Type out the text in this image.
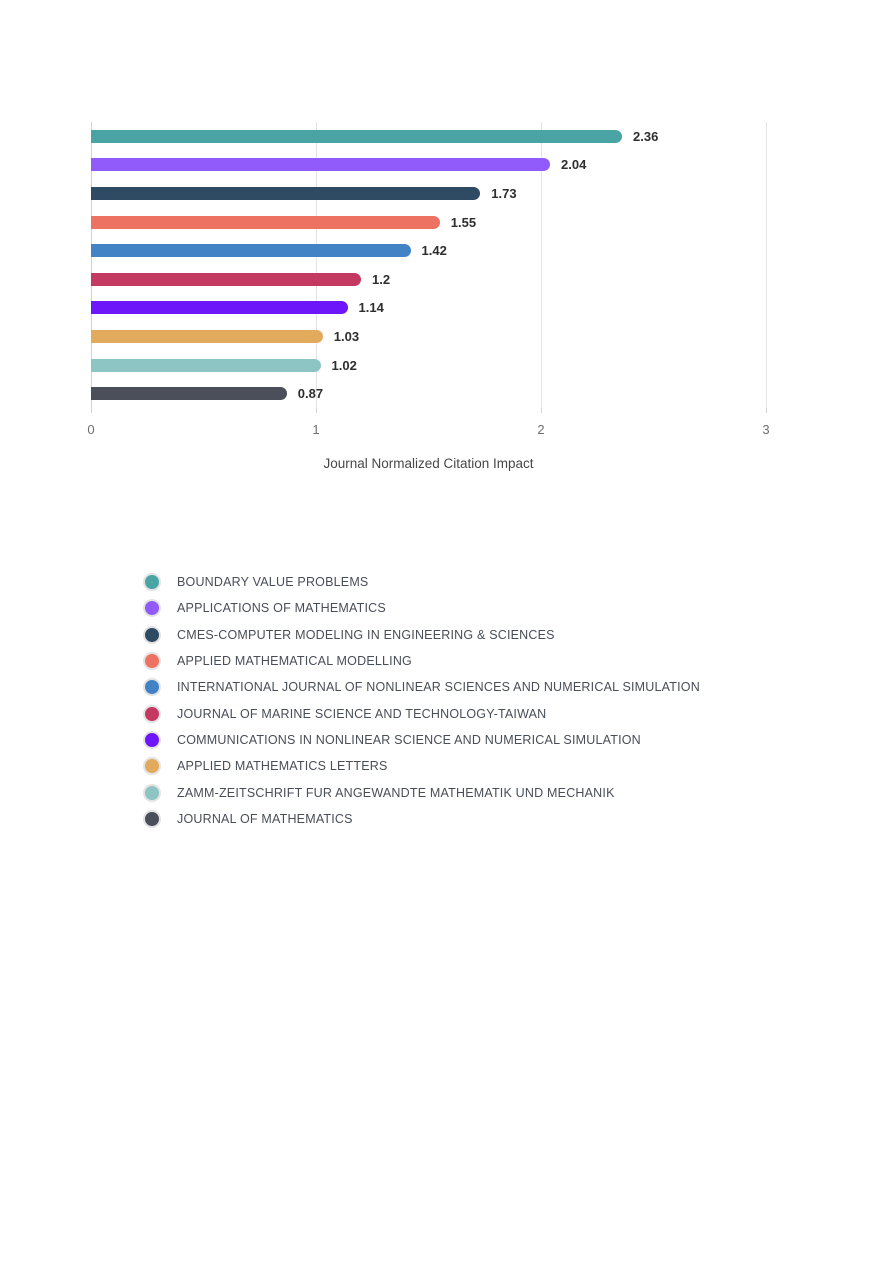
2.36
2.04
1.73
1.55
1.42
1.2
1.14
1.03
1.02
0.87
0	1	2	3
Journal Normalized Citation Impact
BOUNDARY VALUE PROBLEMS
APPLICATIONS OF MATHEMATICS
CMES-COMPUTER MODELING IN ENGINEERING & SCIENCES
APPLIED MATHEMATICAL MODELLING
INTERNATIONAL JOURNAL OF NONLINEAR SCIENCES AND NUMERICAL SIMULATION
JOURNAL OF MARINE SCIENCE AND TECHNOLOGY-TAIWAN
COMMUNICATIONS IN NONLINEAR SCIENCE AND NUMERICAL SIMULATION
APPLIED MATHEMATICS LETTERS
ZAMM-ZEITSCHRIFT FUR ANGEWANDTE MATHEMATIK UND MECHANIK
JOURNAL OF MATHEMATICS
